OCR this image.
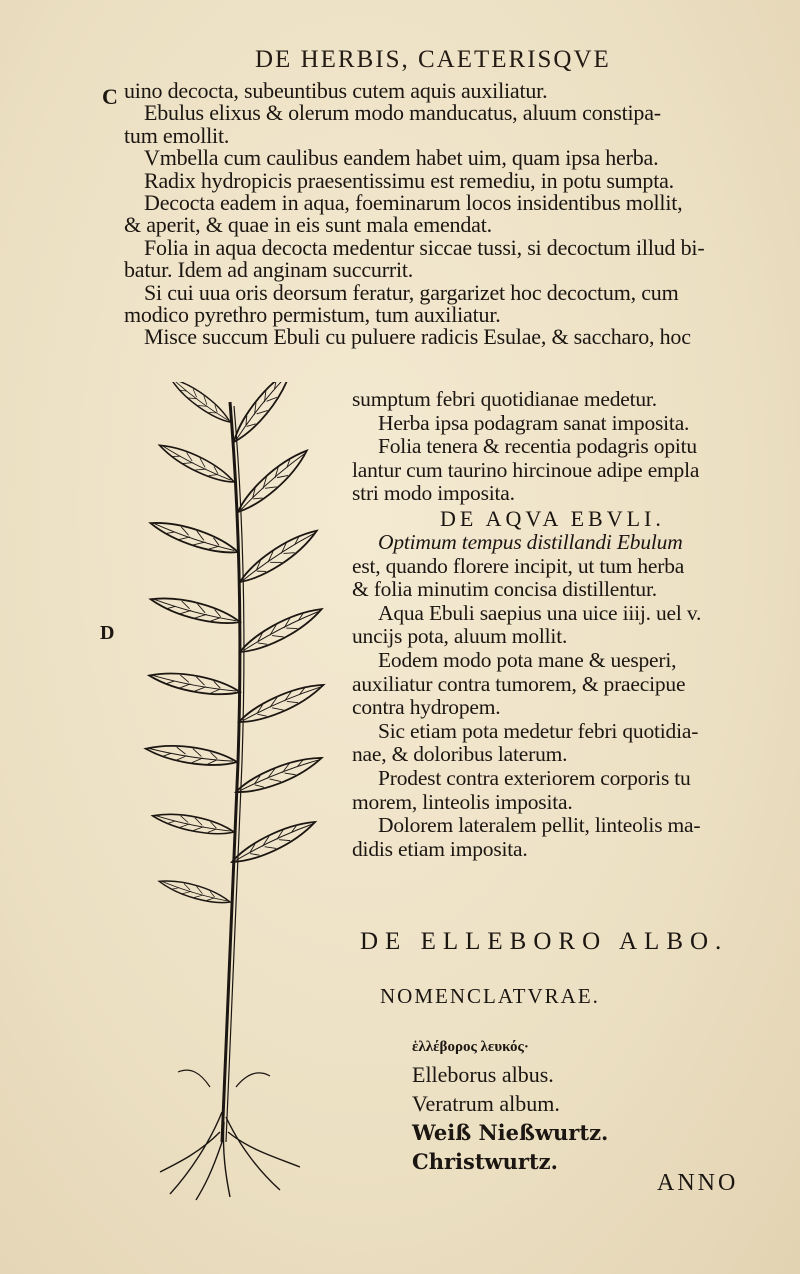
DE HERBIS, CAETERISQVE
C
D
uino decocta, subeuntibus cutem aquis auxiliatur.
Ebulus elixus & olerum modo manducatus, aluum constipa-
tum emollit.
Vmbella cum caulibus eandem habet uim, quam ipsa herba.
Radix hydropicis praesentissimu est remediu, in potu sumpta.
Decocta eadem in aqua, foeminarum locos insidentibus mollit,
& aperit, & quae in eis sunt mala emendat.
Folia in aqua decocta medentur siccae tussi, si decoctum illud bi-
batur. Idem ad anginam succurrit.
Si cui uua oris deorsum feratur, gargarizet hoc decoctum, cum
modico pyrethro permistum, tum auxiliatur.
Misce succum Ebuli cu puluere radicis Esulae, & saccharo, hoc
sumptum febri quotidianae medetur.
Herba ipsa podagram sanat imposita.
Folia tenera & recentia podagris opitu
lantur cum taurino hircinoue adipe empla
stri modo imposita.
DE AQVA EBVLI.
Optimum tempus distillandi Ebulum
est, quando florere incipit, ut tum herba
& folia minutim concisa distillentur.
Aqua Ebuli saepius una uice iiij. uel v.
uncijs pota, aluum mollit.
Eodem modo pota mane & uesperi,
auxiliatur contra tumorem, & praecipue
contra hydropem.
Sic etiam pota medetur febri quotidia-
nae, & doloribus laterum.
Prodest contra exteriorem corporis tu
morem, linteolis imposita.
Dolorem lateralem pellit, linteolis ma-
didis etiam imposita.
DE ELLEBORO ALBO.
NOMENCLATVRAE.
ἑλλέβορος λευκός·
Elleborus albus.
Veratrum album.
Weiß Nießwurtz.
Christwurtz.
ANNO
